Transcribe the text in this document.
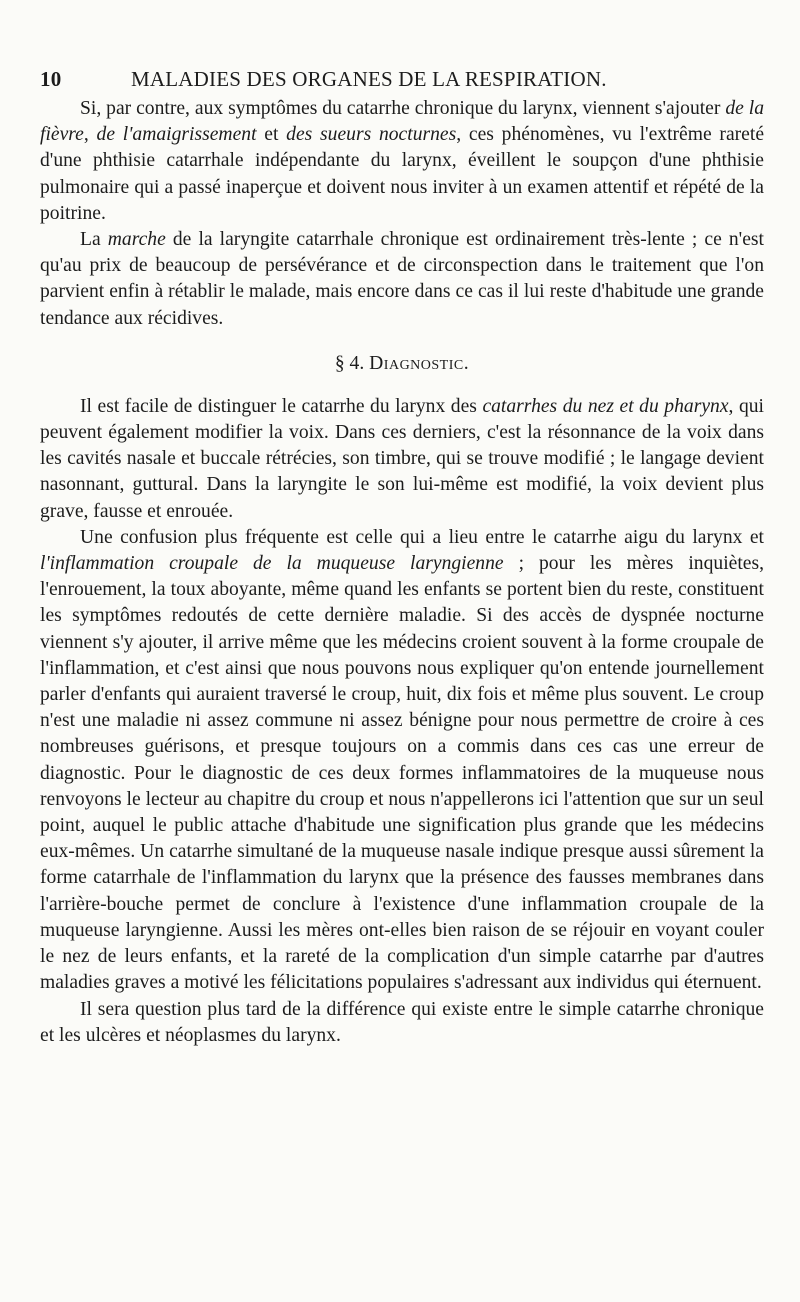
10	MALADIES DES ORGANES DE LA RESPIRATION.

Si, par contre, aux symptômes du catarrhe chronique du larynx, viennent s'ajouter de la fièvre, de l'amaigrissement et des sueurs nocturnes, ces phénomènes, vu l'extrême rareté d'une phthisie catarrhale indépendante du larynx, éveillent le soupçon d'une phthisie pulmonaire qui a passé inaperçue et doivent nous inviter à un examen attentif et répété de la poitrine.

La marche de la laryngite catarrhale chronique est ordinairement très-lente ; ce n'est qu'au prix de beaucoup de persévérance et de circonspection dans le traitement que l'on parvient enfin à rétablir le malade, mais encore dans ce cas il lui reste d'habitude une grande tendance aux récidives.

§ 4. Diagnostic.

Il est facile de distinguer le catarrhe du larynx des catarrhes du nez et du pharynx, qui peuvent également modifier la voix. Dans ces derniers, c'est la résonnance de la voix dans les cavités nasale et buccale rétrécies, son timbre, qui se trouve modifié ; le langage devient nasonnant, guttural. Dans la laryngite le son lui-même est modifié, la voix devient plus grave, fausse et enrouée.

Une confusion plus fréquente est celle qui a lieu entre le catarrhe aigu du larynx et l'inflammation croupale de la muqueuse laryngienne ; pour les mères inquiètes, l'enrouement, la toux aboyante, même quand les enfants se portent bien du reste, constituent les symptômes redoutés de cette dernière maladie. Si des accès de dyspnée nocturne viennent s'y ajouter, il arrive même que les médecins croient souvent à la forme croupale de l'inflammation, et c'est ainsi que nous pouvons nous expliquer qu'on entende journellement parler d'enfants qui auraient traversé le croup, huit, dix fois et même plus souvent. Le croup n'est une maladie ni assez commune ni assez bénigne pour nous permettre de croire à ces nombreuses guérisons, et presque toujours on a commis dans ces cas une erreur de diagnostic. Pour le diagnostic de ces deux formes inflammatoires de la muqueuse nous renvoyons le lecteur au chapitre du croup et nous n'appellerons ici l'attention que sur un seul point, auquel le public attache d'habitude une signification plus grande que les médecins eux-mêmes. Un catarrhe simultané de la muqueuse nasale indique presque aussi sûrement la forme catarrhale de l'inflammation du larynx que la présence des fausses membranes dans l'arrière-bouche permet de conclure à l'existence d'une inflammation croupale de la muqueuse laryngienne. Aussi les mères ont-elles bien raison de se réjouir en voyant couler le nez de leurs enfants, et la rareté de la complication d'un simple catarrhe par d'autres maladies graves a motivé les félicitations populaires s'adressant aux individus qui éternuent.

Il sera question plus tard de la différence qui existe entre le simple catarrhe chronique et les ulcères et néoplasmes du larynx.
